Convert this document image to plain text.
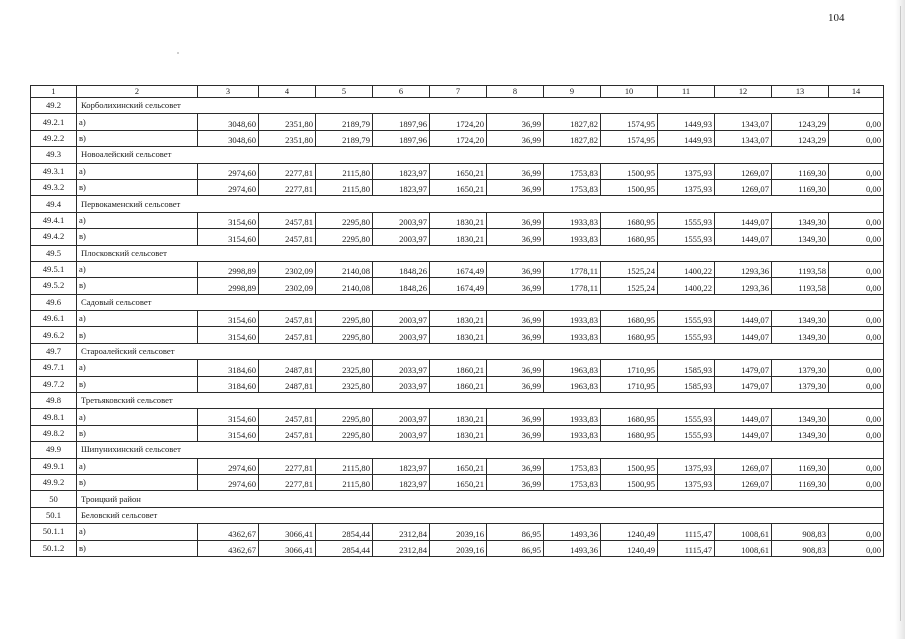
104
1	2	3	4	5	6	7	8	9	10	11	12	13	14
49.2	Корболихинский сельсовет												
49.2.1	а)	3048,60	2351,80	2189,79	1897,96	1724,20	36,99	1827,82	1574,95	1449,93	1343,07	1243,29	0,00
49.2.2	в)	3048,60	2351,80	2189,79	1897,96	1724,20	36,99	1827,82	1574,95	1449,93	1343,07	1243,29	0,00
49.3	Новоалейский сельсовет												
49.3.1	а)	2974,60	2277,81	2115,80	1823,97	1650,21	36,99	1753,83	1500,95	1375,93	1269,07	1169,30	0,00
49.3.2	в)	2974,60	2277,81	2115,80	1823,97	1650,21	36,99	1753,83	1500,95	1375,93	1269,07	1169,30	0,00
49.4	Первокаменский сельсовет												
49.4.1	а)	3154,60	2457,81	2295,80	2003,97	1830,21	36,99	1933,83	1680,95	1555,93	1449,07	1349,30	0,00
49.4.2	в)	3154,60	2457,81	2295,80	2003,97	1830,21	36,99	1933,83	1680,95	1555,93	1449,07	1349,30	0,00
49.5	Плосковский сельсовет												
49.5.1	а)	2998,89	2302,09	2140,08	1848,26	1674,49	36,99	1778,11	1525,24	1400,22	1293,36	1193,58	0,00
49.5.2	в)	2998,89	2302,09	2140,08	1848,26	1674,49	36,99	1778,11	1525,24	1400,22	1293,36	1193,58	0,00
49.6	Садовый сельсовет												
49.6.1	а)	3154,60	2457,81	2295,80	2003,97	1830,21	36,99	1933,83	1680,95	1555,93	1449,07	1349,30	0,00
49.6.2	в)	3154,60	2457,81	2295,80	2003,97	1830,21	36,99	1933,83	1680,95	1555,93	1449,07	1349,30	0,00
49.7	Староалейский сельсовет												
49.7.1	а)	3184,60	2487,81	2325,80	2033,97	1860,21	36,99	1963,83	1710,95	1585,93	1479,07	1379,30	0,00
49.7.2	в)	3184,60	2487,81	2325,80	2033,97	1860,21	36,99	1963,83	1710,95	1585,93	1479,07	1379,30	0,00
49.8	Третьяковский сельсовет												
49.8.1	а)	3154,60	2457,81	2295,80	2003,97	1830,21	36,99	1933,83	1680,95	1555,93	1449,07	1349,30	0,00
49.8.2	в)	3154,60	2457,81	2295,80	2003,97	1830,21	36,99	1933,83	1680,95	1555,93	1449,07	1349,30	0,00
49.9	Шипунихинский сельсовет												
49.9.1	а)	2974,60	2277,81	2115,80	1823,97	1650,21	36,99	1753,83	1500,95	1375,93	1269,07	1169,30	0,00
49.9.2	в)	2974,60	2277,81	2115,80	1823,97	1650,21	36,99	1753,83	1500,95	1375,93	1269,07	1169,30	0,00
50	Троицкий район												
50.1	Беловский сельсовет												
50.1.1	а)	4362,67	3066,41	2854,44	2312,84	2039,16	86,95	1493,36	1240,49	1115,47	1008,61	908,83	0,00
50.1.2	в)	4362,67	3066,41	2854,44	2312,84	2039,16	86,95	1493,36	1240,49	1115,47	1008,61	908,83	0,00
